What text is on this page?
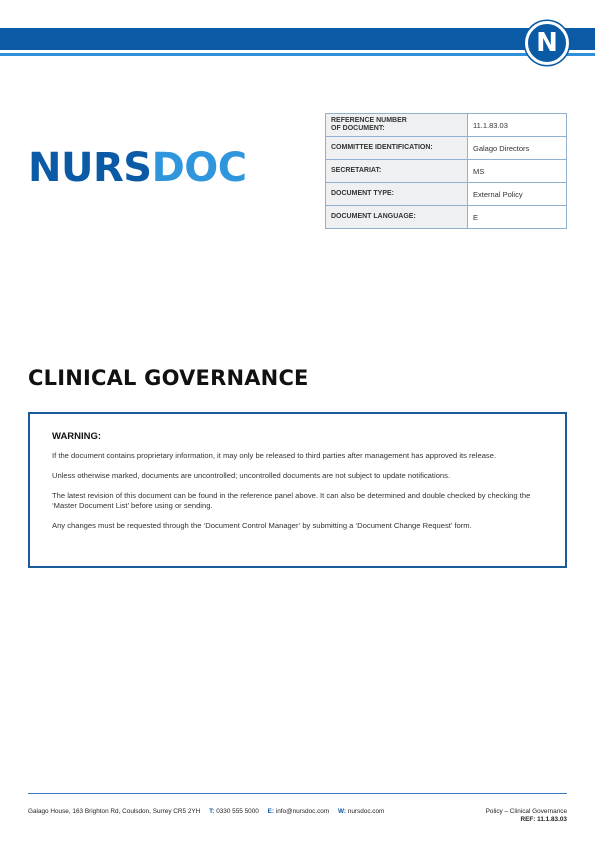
N
NURSDOC
REFERENCE NUMBER
OF DOCUMENT:	11.1.83.03
COMMITTEE IDENTIFICATION:	Galago Directors
SECRETARIAT:	MS
DOCUMENT TYPE:	External Policy
DOCUMENT LANGUAGE:	E
CLINICAL GOVERNANCE
WARNING:

If the document contains proprietary information, it may only be released to third parties after management has approved its release.

Unless otherwise marked, documents are uncontrolled; uncontrolled documents are not subject to update notifications.

The latest revision of this document can be found in the reference panel above. It can also be determined and double checked by checking the ‘Master Document List’ before using or sending.

Any changes must be requested through the ‘Document Control Manager’ by submitting a ‘Document Change Request’ form.

Galago House, 163 Brighton Rd, Coulsdon, Surrey CR5 2YH T: 0330 555 5000 E: info@nursdoc.com W: nursdoc.com	Policy – Clinical Governance
REF: 11.1.83.03
